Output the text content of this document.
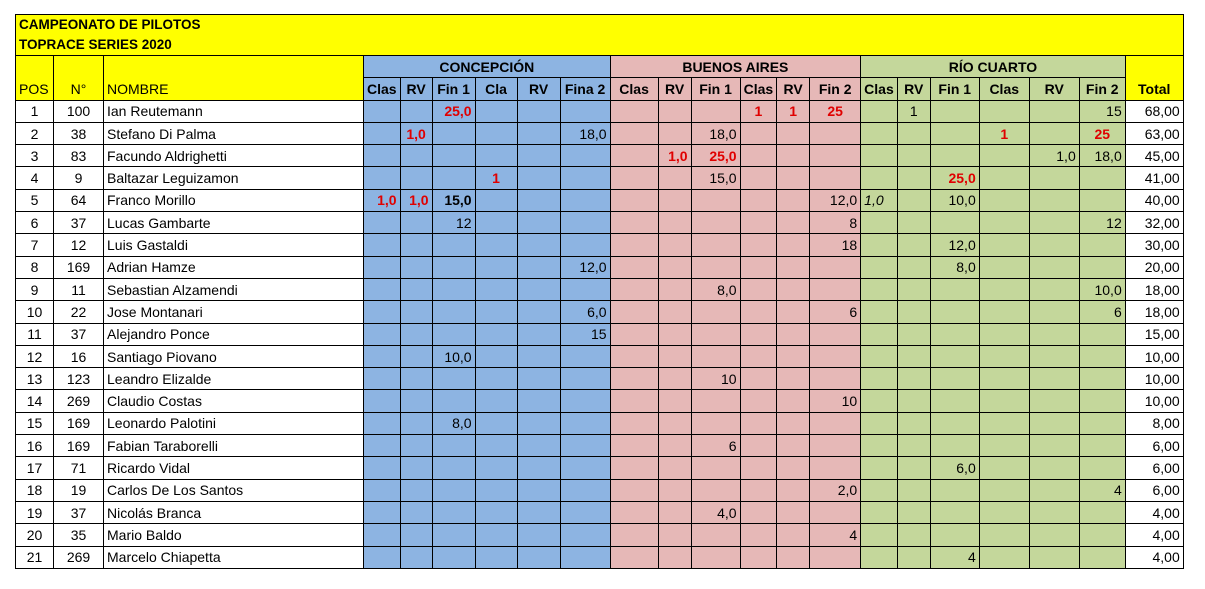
CAMPEONATO DE PILOTOS																					
TOPRACE SERIES 2020																					
			CONCEPCIÓN						BUENOS AIRES						RÍO CUARTO						
POS	N°	NOMBRE	Clas	RV	Fin 1	Cla	RV	Fina 2	Clas	RV	Fin 1	Clas	RV	Fin 2	Clas	RV	Fin 1	Clas	RV	Fin 2	Total
1	100	Ian Reutemann			25,0							1	1	25		1				15	68,00
2	38	Stefano Di Palma		1,0				18,0			18,0							1		25	63,00
3	83	Facundo Aldrighetti								1,0	25,0								1,0	18,0	45,00
4	9	Baltazar Leguizamon				1					15,0						25,0				41,00
5	64	Franco Morillo	1,0	1,0	15,0									12,0	1,0		10,0				40,00
6	37	Lucas Gambarte			12									8						12	32,00
7	12	Luis Gastaldi												18			12,0				30,00
8	169	Adrian Hamze						12,0									8,0				20,00
9	11	Sebastian Alzamendi									8,0									10,0	18,00
10	22	Jose Montanari						6,0						6						6	18,00
11	37	Alejandro Ponce						15													15,00
12	16	Santiago Piovano			10,0																10,00
13	123	Leandro Elizalde									10										10,00
14	269	Claudio Costas												10							10,00
15	169	Leonardo Palotini			8,0																8,00
16	169	Fabian Taraborelli									6										6,00
17	71	Ricardo Vidal															6,0				6,00
18	19	Carlos De Los Santos												2,0						4	6,00
19	37	Nicolás Branca									4,0										4,00
20	35	Mario Baldo												4							4,00
21	269	Marcelo Chiapetta															4				4,00
